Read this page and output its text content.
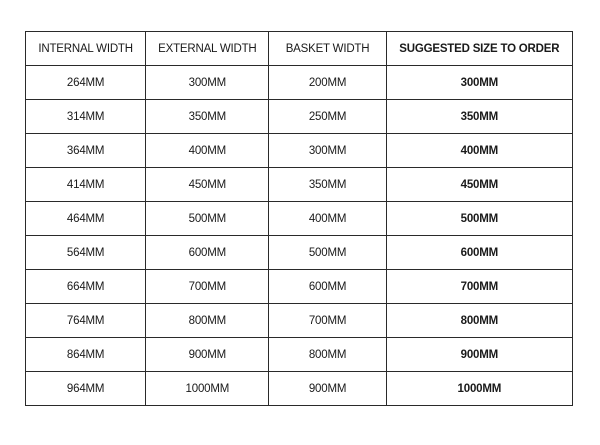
INTERNAL WIDTH	EXTERNAL WIDTH	BASKET WIDTH	SUGGESTED SIZE TO ORDER
264MM	300MM	200MM	300MM
314MM	350MM	250MM	350MM
364MM	400MM	300MM	400MM
414MM	450MM	350MM	450MM
464MM	500MM	400MM	500MM
564MM	600MM	500MM	600MM
664MM	700MM	600MM	700MM
764MM	800MM	700MM	800MM
864MM	900MM	800MM	900MM
964MM	1000MM	900MM	1000MM
